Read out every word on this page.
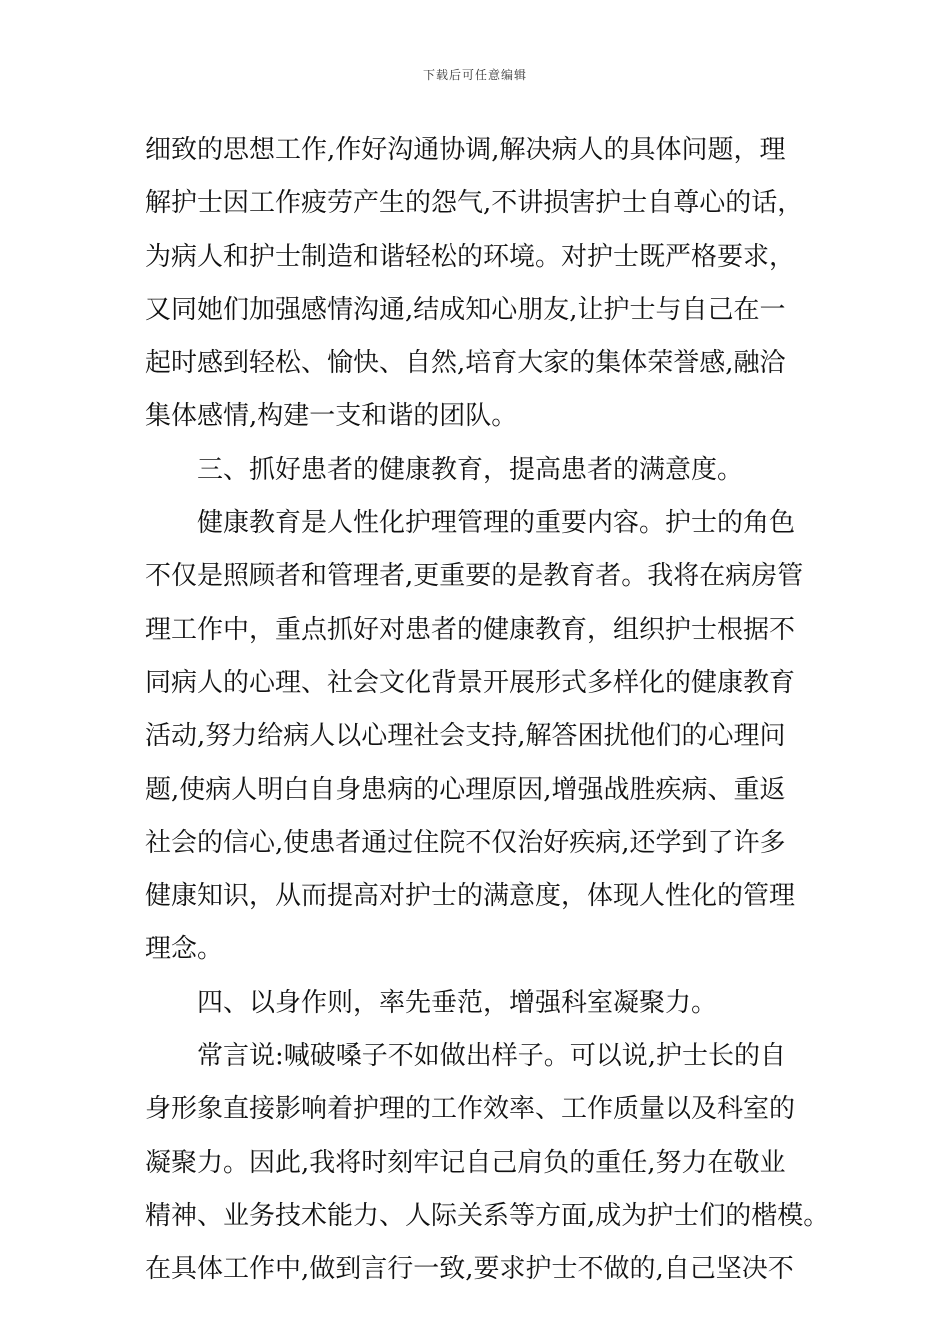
下载后可任意编辑
细致的思想工作,作好沟通协调,解决病人的具体问题，理
解护士因工作疲劳产生的怨气,不讲损害护士自尊心的话，
为病人和护士制造和谐轻松的环境。对护士既严格要求，
又同她们加强感情沟通,结成知心朋友,让护士与自己在一
起时感到轻松、愉快、自然,培育大家的集体荣誉感,融洽
集体感情,构建一支和谐的团队。
三、抓好患者的健康教育，提高患者的满意度。
健康教育是人性化护理管理的重要内容。护士的角色
不仅是照顾者和管理者,更重要的是教育者。我将在病房管
理工作中，重点抓好对患者的健康教育，组织护士根据不
同病人的心理、社会文化背景开展形式多样化的健康教育
活动,努力给病人以心理社会支持,解答困扰他们的心理问
题,使病人明白自身患病的心理原因,增强战胜疾病、重返
社会的信心,使患者通过住院不仅治好疾病,还学到了许多
健康知识，从而提高对护士的满意度，体现人性化的管理
理念。
四、以身作则，率先垂范，增强科室凝聚力。
常言说:喊破嗓子不如做出样子。可以说,护士长的自
身形象直接影响着护理的工作效率、工作质量以及科室的
凝聚力。因此,我将时刻牢记自己肩负的重任,努力在敬业
精神、业务技术能力、人际关系等方面,成为护士们的楷模。
在具体工作中,做到言行一致,要求护士不做的,自己坚决不
